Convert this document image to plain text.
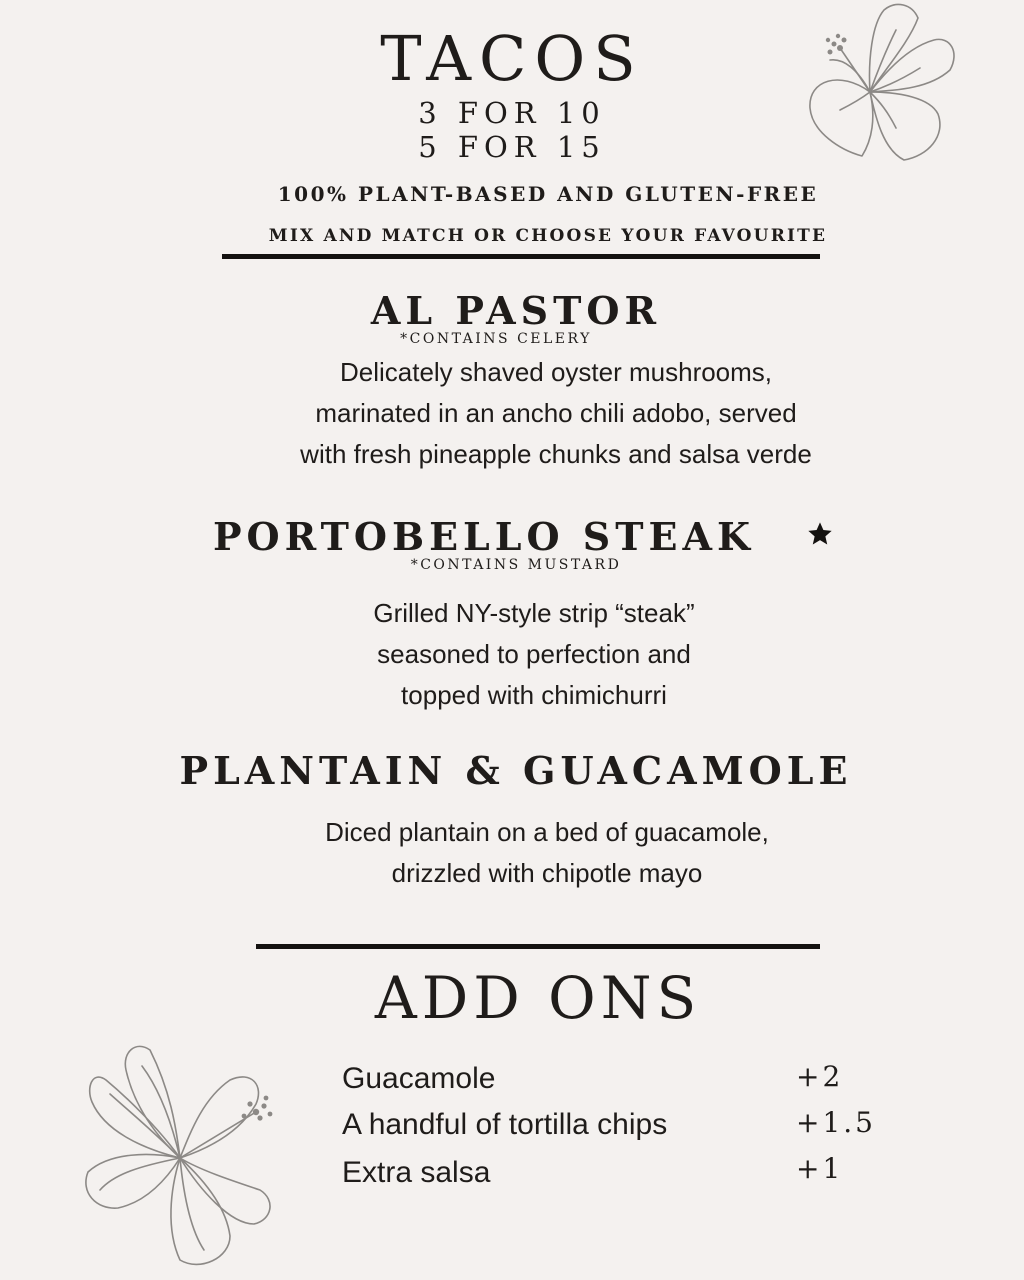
TACOS
3 FOR 10
5 FOR 15
100% PLANT-BASED AND GLUTEN-FREE
MIX AND MATCH OR CHOOSE YOUR FAVOURITE
AL PASTOR
*CONTAINS CELERY
Delicately shaved oyster mushrooms,
marinated in an ancho chili adobo, served
with fresh pineapple chunks and salsa verde
PORTOBELLO STEAK
*CONTAINS MUSTARD
Grilled NY-style strip “steak”
seasoned to perfection and
topped with chimichurri
PLANTAIN & GUACAMOLE
Diced plantain on a bed of guacamole,
drizzled with chipotle mayo
ADD ONS
Guacamole	+2
A handful of tortilla chips	+1.5
Extra salsa	+1
